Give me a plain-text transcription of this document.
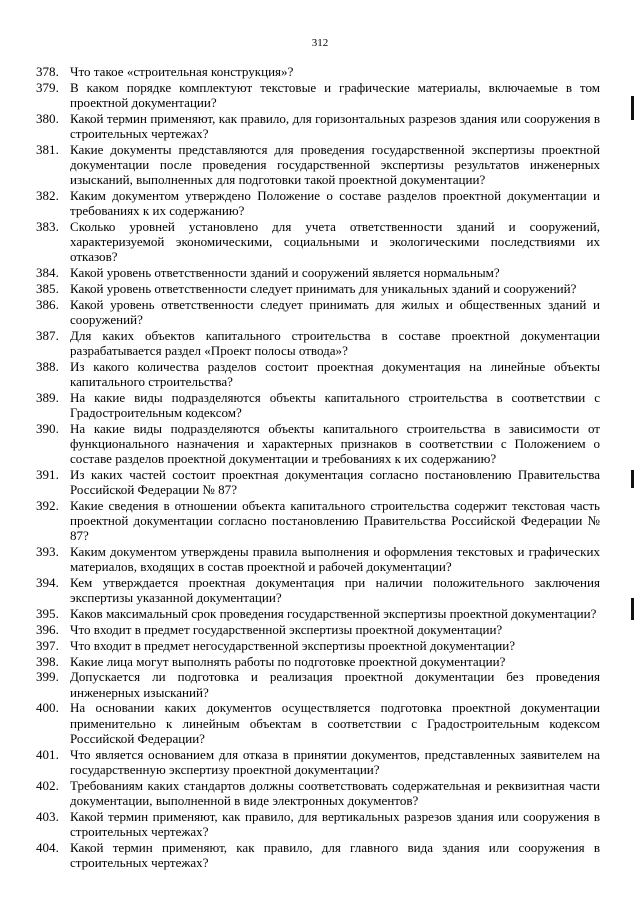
312
378. Что такое «строительная конструкция»?
379. В каком порядке комплектуют текстовые и графические материалы, включаемые в том проектной документации?
380. Какой термин применяют, как правило, для горизонтальных разрезов здания или сооружения в строительных чертежах?
381. Какие документы представляются для проведения государственной экспертизы проектной документации после проведения государственной экспертизы результатов инженерных изысканий, выполненных для подготовки такой проектной документации?
382. Каким документом утверждено Положение о составе разделов проектной документации и требованиях к их содержанию?
383. Сколько уровней установлено для учета ответственности зданий и сооружений, характеризуемой экономическими, социальными и экологическими последствиями их отказов?
384. Какой уровень ответственности зданий и сооружений является нормальным?
385. Какой уровень ответственности следует принимать для уникальных зданий и сооружений?
386. Какой уровень ответственности следует принимать для жилых и общественных зданий и сооружений?
387. Для каких объектов капитального строительства в составе проектной документации разрабатывается раздел «Проект полосы отвода»?
388. Из какого количества разделов состоит проектная документация на линейные объекты капитального строительства?
389. На какие виды подразделяются объекты капитального строительства в соответствии с Градостроительным кодексом?
390. На какие виды подразделяются объекты капитального строительства в зависимости от функционального назначения и характерных признаков в соответствии с Положением о составе разделов проектной документации и требованиях к их содержанию?
391. Из каких частей состоит проектная документация согласно постановлению Правительства Российской Федерации № 87?
392. Какие сведения в отношении объекта капитального строительства содержит текстовая часть проектной документации согласно постановлению Правительства Российской Федерации № 87?
393. Каким документом утверждены правила выполнения и оформления текстовых и графических материалов, входящих в состав проектной и рабочей документации?
394. Кем утверждается проектная документация при наличии положительного заключения экспертизы указанной документации?
395. Каков максимальный срок проведения государственной экспертизы проектной документации?
396. Что входит в предмет государственной экспертизы проектной документации?
397. Что входит в предмет негосударственной экспертизы проектной документации?
398. Какие лица могут выполнять работы по подготовке проектной документации?
399. Допускается ли подготовка и реализация проектной документации без проведения инженерных изысканий?
400. На основании каких документов осуществляется подготовка проектной документации применительно к линейным объектам в соответствии с Градостроительным кодексом Российской Федерации?
401. Что является основанием для отказа в принятии документов, представленных заявителем на государственную экспертизу проектной документации?
402. Требованиям каких стандартов должны соответствовать содержательная и реквизитная части документации, выполненной в виде электронных документов?
403. Какой термин применяют, как правило, для вертикальных разрезов здания или сооружения в строительных чертежах?
404. Какой термин применяют, как правило, для главного вида здания или сооружения в строительных чертежах?
